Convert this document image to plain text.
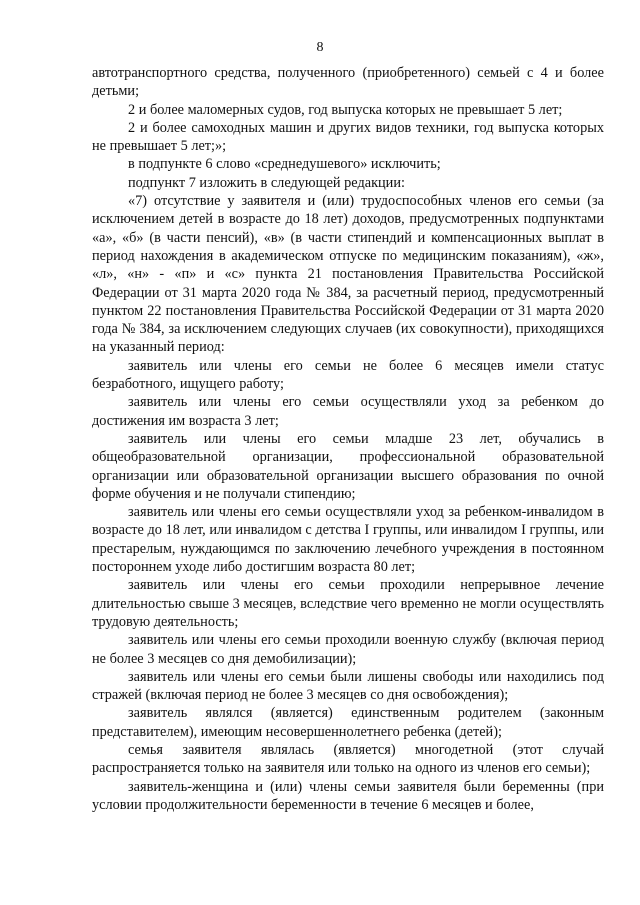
8

автотранспортного средства, полученного (приобретенного) семьей с 4 и более детьми;

2 и более маломерных судов, год выпуска которых не превышает 5 лет;

2 и более самоходных машин и других видов техники, год выпуска которых не превышает 5 лет;»;

в подпункте 6 слово «среднедушевого» исключить;

подпункт 7 изложить в следующей редакции:

«7) отсутствие у заявителя и (или) трудоспособных членов его семьи (за исключением детей в возрасте до 18 лет) доходов, предусмотренных подпунктами «а», «б» (в части пенсий), «в» (в части стипендий и компенсационных выплат в период нахождения в академическом отпуске по медицинским показаниям), «ж», «л», «н» - «п» и «с» пункта 21 постановления Правительства Российской Федерации от 31 марта 2020 года № 384, за расчетный период, предусмотренный пунктом 22 постановления Правительства Российской Федерации от 31 марта 2020 года № 384, за исключением следующих случаев (их совокупности), приходящихся на указанный период:

заявитель или члены его семьи не более 6 месяцев имели статус безработного, ищущего работу;

заявитель или члены его семьи осуществляли уход за ребенком до достижения им возраста 3 лет;

заявитель или члены его семьи младше 23 лет, обучались в общеобразовательной организации, профессиональной образовательной организации или образовательной организации высшего образования по очной форме обучения и не получали стипендию;

заявитель или члены его семьи осуществляли уход за ребенком-инвалидом в возрасте до 18 лет, или инвалидом с детства I группы, или инвалидом I группы, или престарелым, нуждающимся по заключению лечебного учреждения в постоянном постороннем уходе либо достигшим возраста 80 лет;

заявитель или члены его семьи проходили непрерывное лечение длительностью свыше 3 месяцев, вследствие чего временно не могли осуществлять трудовую деятельность;

заявитель или члены его семьи проходили военную службу (включая период не более 3 месяцев со дня демобилизации);

заявитель или члены его семьи были лишены свободы или находились под стражей (включая период не более 3 месяцев со дня освобождения);

заявитель являлся (является) единственным родителем (законным представителем), имеющим несовершеннолетнего ребенка (детей);

семья заявителя являлась (является) многодетной (этот случай распространяется только на заявителя или только на одного из членов его семьи);

заявитель-женщина и (или) члены семьи заявителя были беременны (при условии продолжительности беременности в течение 6 месяцев и более,
